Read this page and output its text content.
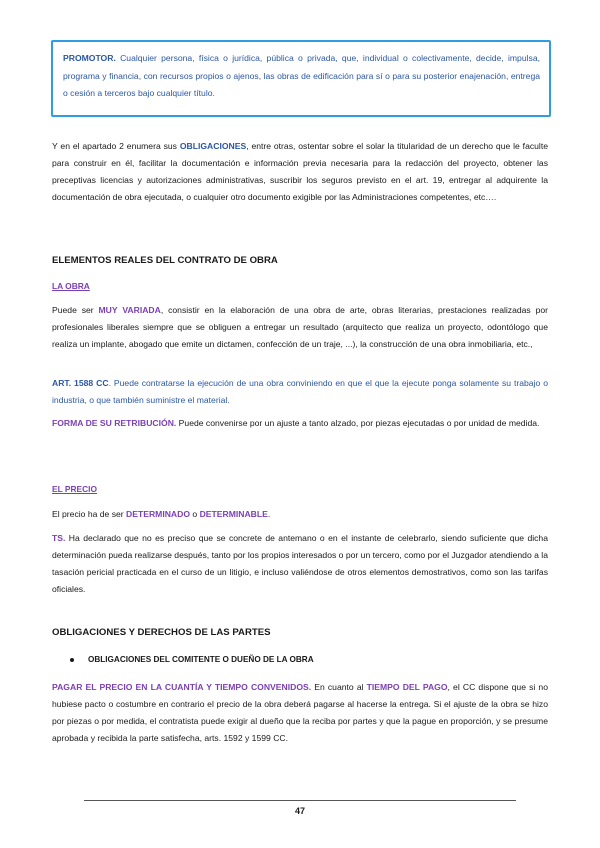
PROMOTOR. Cualquier persona, física o jurídica, pública o privada, que, individual o colectivamente, decide, impulsa, programa y financia, con recursos propios o ajenos, las obras de edificación para sí o para su posterior enajenación, entrega o cesión a terceros bajo cualquier título.

Y en el apartado 2 enumera sus OBLIGACIONES, entre otras, ostentar sobre el solar la titularidad de un derecho que le faculte para construir en él, facilitar la documentación e información previa necesaria para la redacción del proyecto, obtener las preceptivas licencias y autorizaciones administrativas, suscribir los seguros previsto en el art. 19, entregar al adquirente la documentación de obra ejecutada, o cualquier otro documento exigible por las Administraciones competentes, etc….

ELEMENTOS REALES DEL CONTRATO DE OBRA

LA OBRA

Puede ser MUY VARIADA, consistir en la elaboración de una obra de arte, obras literarias, prestaciones realizadas por profesionales liberales siempre que se obliguen a entregar un resultado (arquitecto que realiza un proyecto, odontólogo que realiza un implante, abogado que emite un dictamen, confección de un traje, ...), la construcción de una obra inmobiliaria, etc.,

ART. 1588 CC. Puede contratarse la ejecución de una obra conviniendo en que el que la ejecute ponga solamente su trabajo o industria, o que también suministre el material.

FORMA DE SU RETRIBUCIÓN. Puede convenirse por un ajuste a tanto alzado, por piezas ejecutadas o por unidad de medida.

EL PRECIO

El precio ha de ser DETERMINADO o DETERMINABLE.

TS. Ha declarado que no es preciso que se concrete de antemano o en el instante de celebrarlo, siendo suficiente que dicha determinación pueda realizarse después, tanto por los propios interesados o por un tercero, como por el Juzgador atendiendo a la tasación pericial practicada en el curso de un litigio, e incluso valiéndose de otros elementos demostrativos, como son las tarifas oficiales.

OBLIGACIONES Y DERECHOS DE LAS PARTES
OBLIGACIONES DEL COMITENTE O DUEÑO DE LA OBRA

PAGAR EL PRECIO EN LA CUANTÍA Y TIEMPO CONVENIDOS. En cuanto al TIEMPO DEL PAGO, el CC dispone que si no hubiese pacto o costumbre en contrario el precio de la obra deberá pagarse al hacerse la entrega. Si el ajuste de la obra se hizo por piezas o por medida, el contratista puede exigir al dueño que la reciba por partes y que la pague en proporción, y se presume aprobada y recibida la parte satisfecha, arts. 1592 y 1599 CC.

47
